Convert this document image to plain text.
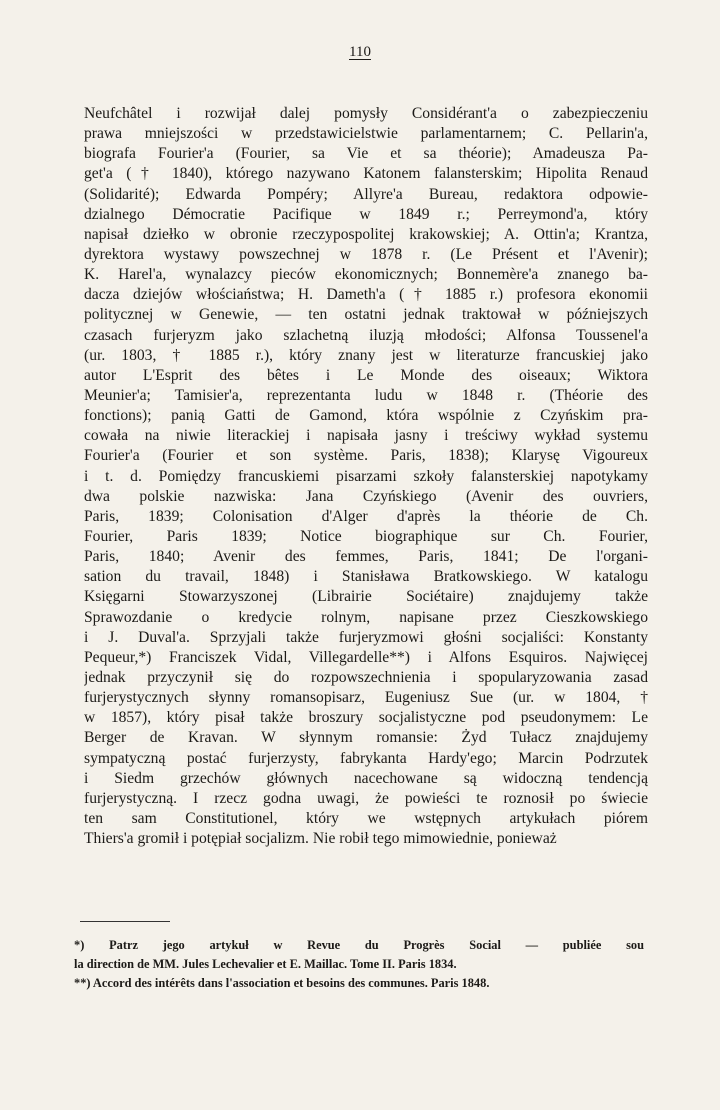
110
Neufchâtel i rozwijał dalej pomysły Considérant'a o zabezpieczeniu
prawa mniejszości w przedstawicielstwie parlamentarnem; C. Pellarin'a,
biografa Fourier'a (Fourier, sa Vie et sa théorie); Amadeusza Pa-
get'a († 1840), którego nazywano Katonem falansterskim; Hipolita Renaud
(Solidarité); Edwarda Pompéry; Allyre'a Bureau, redaktora odpowie-
dzialnego Démocratie Pacifique w 1849 r.; Perreymond'a, który
napisał dziełko w obronie rzeczypospolitej krakowskiej; A. Ottin'a; Krantza,
dyrektora wystawy powszechnej w 1878 r. (Le Présent et l'Avenir);
K. Harel'a, wynalazcy pieców ekonomicznych; Bonnemère'a znanego ba-
dacza dziejów włościaństwa; H. Dameth'a († 1885 r.) profesora ekonomii
politycznej w Genewie, — ten ostatni jednak traktował w późniejszych
czasach furjeryzm jako szlachetną iluzją młodości; Alfonsa Toussenel'a
(ur. 1803, † 1885 r.), który znany jest w literaturze francuskiej jako
autor L'Esprit des bêtes i Le Monde des oiseaux; Wiktora
Meunier'a; Tamisier'a, reprezentanta ludu w 1848 r. (Théorie des
fonctions); panią Gatti de Gamond, która wspólnie z Czyńskim pra-
cowała na niwie literackiej i napisała jasny i treściwy wykład systemu
Fourier'a (Fourier et son système. Paris, 1838); Klarysę Vigoureux
i t. d. Pomiędzy francuskiemi pisarzami szkoły falansterskiej napotykamy
dwa polskie nazwiska: Jana Czyńskiego (Avenir des ouvriers,
Paris, 1839; Colonisation d'Alger d'après la théorie de Ch.
Fourier, Paris 1839; Notice biographique sur Ch. Fourier,
Paris, 1840; Avenir des femmes, Paris, 1841; De l'organi-
sation du travail, 1848) i Stanisława Bratkowskiego. W katalogu
Księgarni Stowarzyszonej (Librairie Sociétaire) znajdujemy także
Sprawozdanie o kredycie rolnym, napisane przez Cieszkowskiego
i J. Duval'a. Sprzyjali także furjeryzmowi głośni socjaliści: Konstanty
Pequeur,*) Franciszek Vidal, Villegardelle**) i Alfons Esquiros. Najwięcej
jednak przyczynił się do rozpowszechnienia i spopularyzowania zasad
furjerystycznych słynny romansopisarz, Eugeniusz Sue (ur. w 1804, †
w 1857), który pisał także broszury socjalistyczne pod pseudonymem: Le
Berger de Kravan. W słynnym romansie: Żyd Tułacz znajdujemy
sympatyczną postać furjerzysty, fabrykanta Hardy'ego; Marcin Podrzutek
i Siedm grzechów głównych nacechowane są widoczną tendencją
furjerystyczną. I rzecz godna uwagi, że powieści te roznosił po świecie
ten sam Constitutionel, który we wstępnych artykułach piórem
Thiers'a gromił i potępiał socjalizm. Nie robił tego mimowiednie, ponieważ
*) Patrz jego artykuł w Revue du Progrès Social — publiée sou
la direction de MM. Jules Lechevalier et E. Maillac. Tome II. Paris 1834.
**) Accord des intérêts dans l'association et besoins des communes. Paris 1848.
